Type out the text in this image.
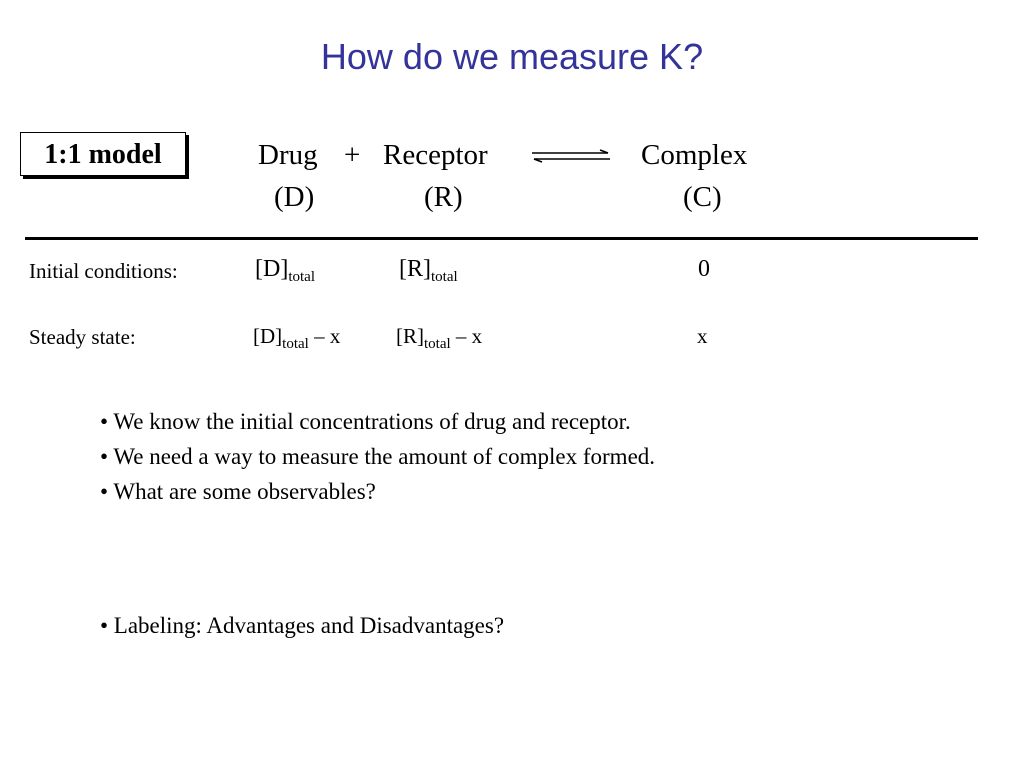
How do we measure K?
1:1 model	Drug + Receptor	Complex
(D)	(R)	(C)
Initial conditions:	$[D]_{total}$	$[R]_{total}$	0
Steady state:	$[D]_{total}$ – x	$[R]_{total}$ – x	x
• We know the initial concentrations of drug and receptor.
• We need a way to measure the amount of complex formed.
• What are some observables?
• Labeling: Advantages and Disadvantages?
